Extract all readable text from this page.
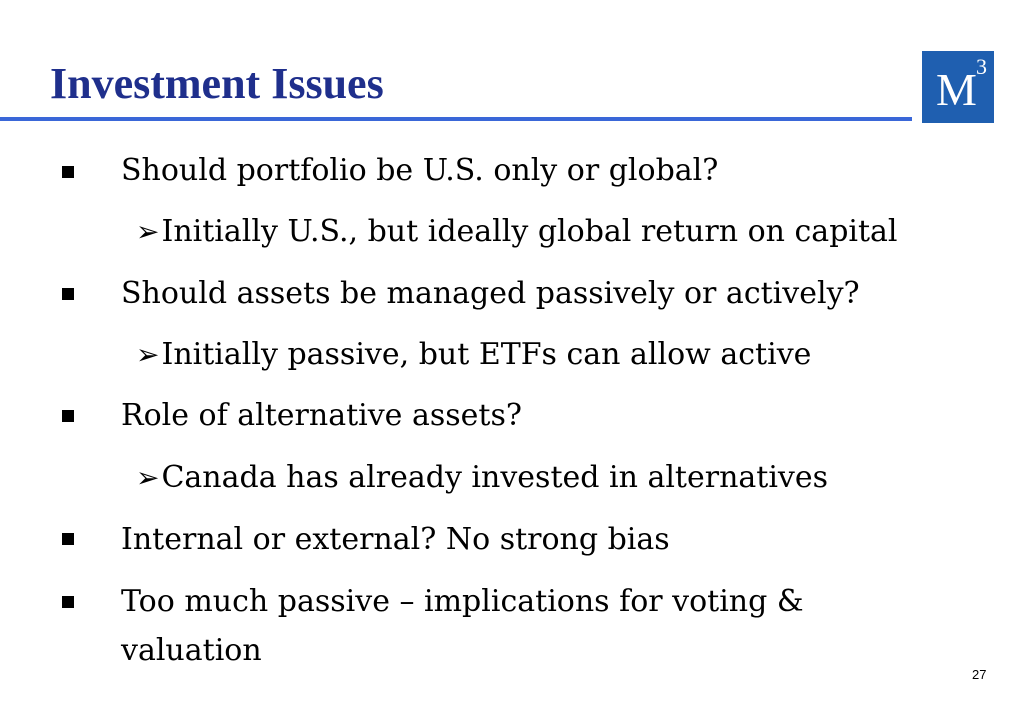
Investment Issues	M 3
Should portfolio be U.S. only or global?
➢Initially U.S., but ideally global return on capital
Should assets be managed passively or actively?
➢Initially passive, but ETFs can allow active
Role of alternative assets?
➢Canada has already invested in alternatives
Internal or external? No strong bias
Too much passive – implications for voting &
valuation
27
